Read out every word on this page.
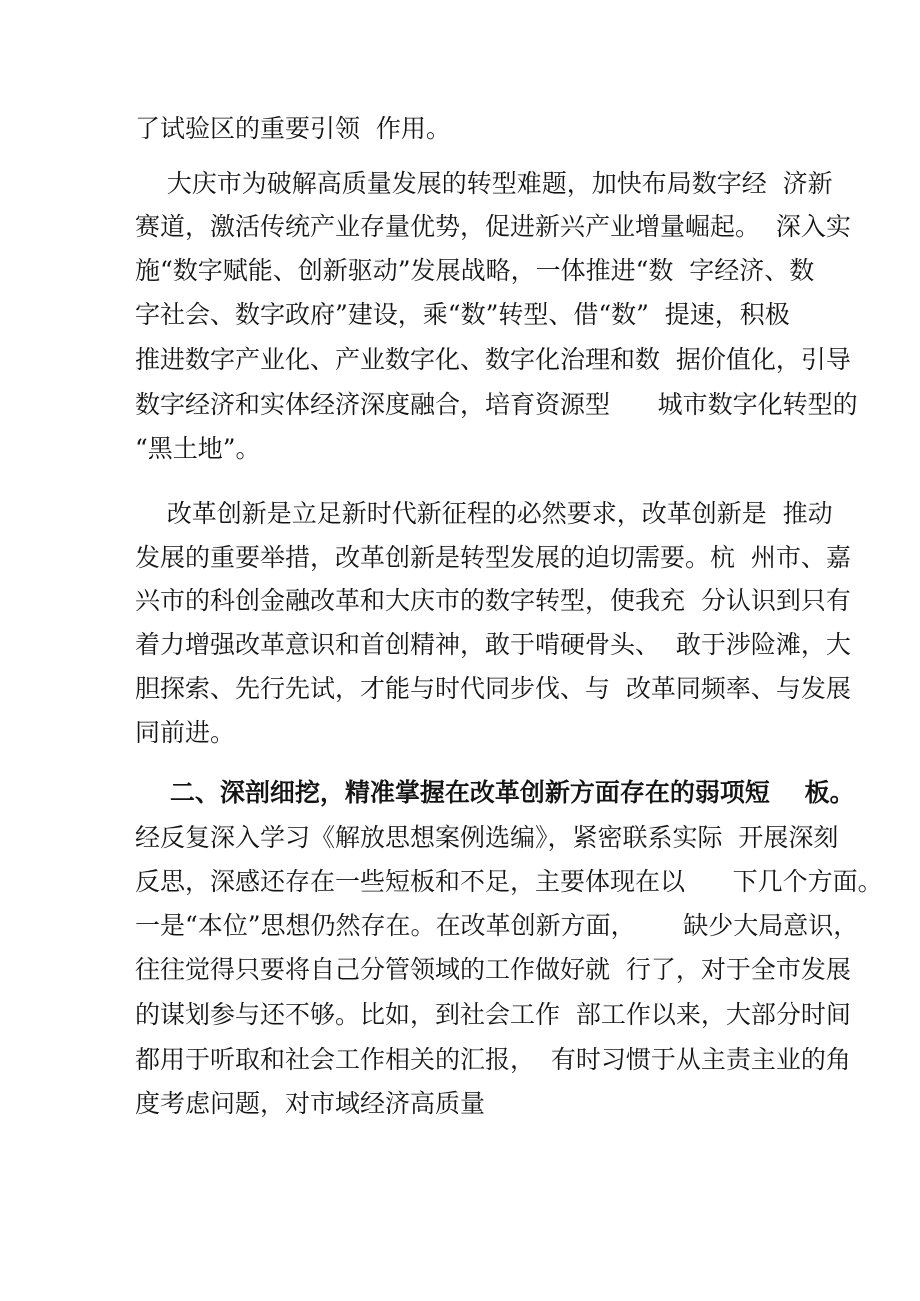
了试验区的重要引领  作用。
大庆市为破解高质量发展的转型难题，加快布局数字经  济新
赛道，激活传统产业存量优势，促进新兴产业增量崛起。  深入实
施“数字赋能、创新驱动”发展战略，一体推进“数  字经济、数
字社会、数字政府”建设，乘“数”转型、借“数”  提速，积极
推进数字产业化、产业数字化、数字化治理和数  据价值化，引导
数字经济和实体经济深度融合，培育资源型      城市数字化转型的
“黑土地”。
改革创新是立足新时代新征程的必然要求，改革创新是  推动
发展的重要举措，改革创新是转型发展的迫切需要。杭  州市、嘉
兴市的科创金融改革和大庆市的数字转型，使我充  分认识到只有
着力增强改革意识和首创精神，敢于啃硬骨头、  敢于涉险滩，大
胆探索、先行先试，才能与时代同步伐、与  改革同频率、与发展
同前进。
二、深剖细挖，精准掌握在改革创新方面存在的弱项短    板。
经反复深入学习《解放思想案例选编》，紧密联系实际  开展深刻
反思，深感还存在一些短板和不足，主要体现在以      下几个方面。
一是“本位”思想仍然存在。在改革创新方面，      缺少大局意识，
往往觉得只要将自己分管领域的工作做好就  行了，对于全市发展
的谋划参与还不够。比如，到社会工作  部工作以来，大部分时间
都用于听取和社会工作相关的汇报，  有时习惯于从主责主业的角
度考虑问题，对市域经济高质量
